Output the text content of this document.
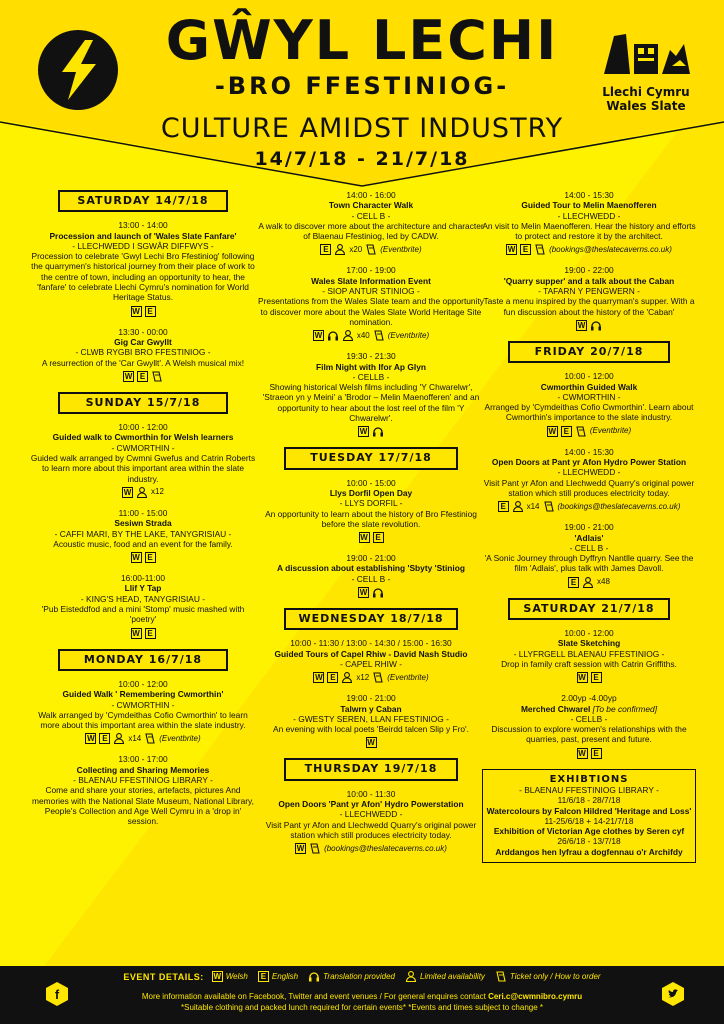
GŴYL LECHI
-BRO FFESTINIOG-
CULTURE AMIDST INDUSTRY
14/7/18 - 21/7/18
Llechi Cymru
Wales Slate
SATURDAY 14/7/18
13:00 - 14:00
Procession and launch of 'Wales Slate Fanfare'
- LLECHWEDD I SGWÂR DIFFWYS -
Procession to celebrate 'Gwyl Lechi Bro Ffestiniog' following the quarrymen's historical journey from their place of work to the centre of town, including an opportunity to hear, the 'fanfare' to celebrate Llechi Cymru's nomination for World Heritage Status.
W E
13:30 - 00:00
Gig Car Gwyllt
- CLWB RYGBI BRO FFESTINIOG -
A resurrection of the 'Car Gwyllt'. A Welsh musical mix!
W E
SUNDAY 15/7/18
10:00 - 12:00
Guided walk to Cwmorthin for Welsh learners
- CWMORTHIN -
Guided walk arranged by Cwmni Gwefus and Catrin Roberts to learn more about this important area within the slate industry.
W x12
11:00 - 15:00
Sesiwn Strada
- CAFFI MARI, BY THE LAKE, TANYGRISIAU -
Acoustic music, food and an event for the family.
W E
16:00-11:00
Llif Y Tap
- KING'S HEAD, TANYGRISIAU -
'Pub Eisteddfod and a mini 'Stomp' music mashed with 'poetry'
W E
MONDAY 16/7/18
10:00 - 12:00
Guided Walk ' Remembering Cwmorthin'
- CWMORTHIN -
Walk arranged by 'Cymdeithas Cofio Cwmorthin' to learn more about this important area within the slate industry.
W E	x14 (Eventbrite)
13:00 - 17:00
Collecting and Sharing Memories
- BLAENAU FFESTINIOG LIBRARY -
Come and share your stories, artefacts, pictures And memories with the National Slate Museum, National Library, People's Collection and Age Well Cymru in a 'drop in' session.
14:00 - 16:00
Town Character Walk
- CELL B -
A walk to discover more about the architecture and character of Blaenau Ffestiniog, led by CADW.
E	x20 (Eventbrite)
17:00 - 19:00
Wales Slate Information Event
- SIOP ANTUR STINIOG -
Presentations from the Wales Slate team and the opportunity to discover more about the Wales Slate World Heritage Site nomination.
W	x40 (Eventbrite)
19:30 - 21:30
Film Night with Ifor Ap Glyn
- CELLB -
Showing historical Welsh films including 'Y Chwarelwr', 'Straeon yn y Meini' a 'Brodor – Melin Maenofferen' and an opportunity to hear about the lost reel of the film 'Y Chwarelwr'.
W
TUESDAY 17/7/18
10:00 - 15:00
Llys Dorfil Open Day
- LLYS DORFIL -
An opportunity to learn about the history of Bro Ffestiniog before the slate revolution.
W E
19:00 - 21:00
A discussion about establishing 'Sbyty 'Stiniog
- CELL B -
W
WEDNESDAY 18/7/18
10:00 - 11:30 / 13:00 - 14:30 / 15:00 - 16:30
Guided Tours of Capel Rhiw - David Nash Studio
- CAPEL RHIW -
W E	x12 (Eventbrite)
19:00 - 21:00
Talwrn y Caban
- GWESTY SEREN, LLAN FFESTINIOG -
An evening with local poets 'Beirdd talcen Slip y Fro'.
W
THURSDAY 19/7/18
10:00 - 11:30
Open Doors 'Pant yr Afon' Hydro Powerstation
- LLECHWEDD -
Visit Pant yr Afon and Llechwedd Quarry's original power station which still produces electricity today.
W (bookings@theslatecaverns.co.uk)
14:00 - 15:30
Guided Tour to Melin Maenofferen
- LLECHWEDD -
An visit to Melin Maenofferen. Hear the history and efforts to protect and restore it by the architect.
W E	(bookings@theslatecaverns.co.uk)
19:00 - 22:00
'Quarry supper' and a talk about the Caban
- TAFARN Y PENGWERN -
Taste a menu inspired by the quarryman's supper. With a fun discussion about the history of the 'Caban'
W
FRIDAY 20/7/18
10:00 - 12:00
Cwmorthin Guided Walk
- CWMORTHIN -
Arranged by 'Cymdeithas Cofio Cwmorthin'. Learn about Cwmorthin's importance to the slate industry.
W E	(Eventbrite)
14:00 - 15:30
Open Doors at Pant yr Afon Hydro Power Station
- LLECHWEDD -
Visit Pant yr Afon and Llechwedd Quarry's original power station which still produces electricity today.
E	x14 (bookings@theslatecaverns.co.uk)
19:00 - 21:00
'Adlais'
- CELL B -
'A Sonic Journey through Dyffryn Nantlle quarry. See the film 'Adlais', plus talk with James Davoll.
E	x48
SATURDAY 21/7/18
10:00 - 12:00
Slate Sketching
- LLYFRGELL BLAENAU FFESTINIOG -
Drop in family craft session with Catrin Griffiths.
W E
2.00yp -4.00yp
Merched Chwarel [To be confirmed]
- CELLB -
Discussion to explore women's relationships with the quarries, past, present and future.
W E
EXHIBTIONS
- BLAENAU FFESTINIOG LIBRARY -
11/6/18 - 28/7/18
Watercolours by Falcon Hildred 'Heritage and Loss'
11-25/6/18 + 14-21/7/18
Exhibition of Victorian Age clothes by Seren cyf
26/6/18 - 13/7/18
Arddangos hen lyfrau a dogfennau o'r Archifdy
EVENT DETAILS: W Welsh	E English	Translation provided	Limited availability	Ticket only / How to order
More information available on Facebook, Twitter and event venues / For general enquires contact Ceri.c@cwmnibro.cymru
*Suitable clothing and packed lunch required for certain events* *Events and times subject to change *
f
